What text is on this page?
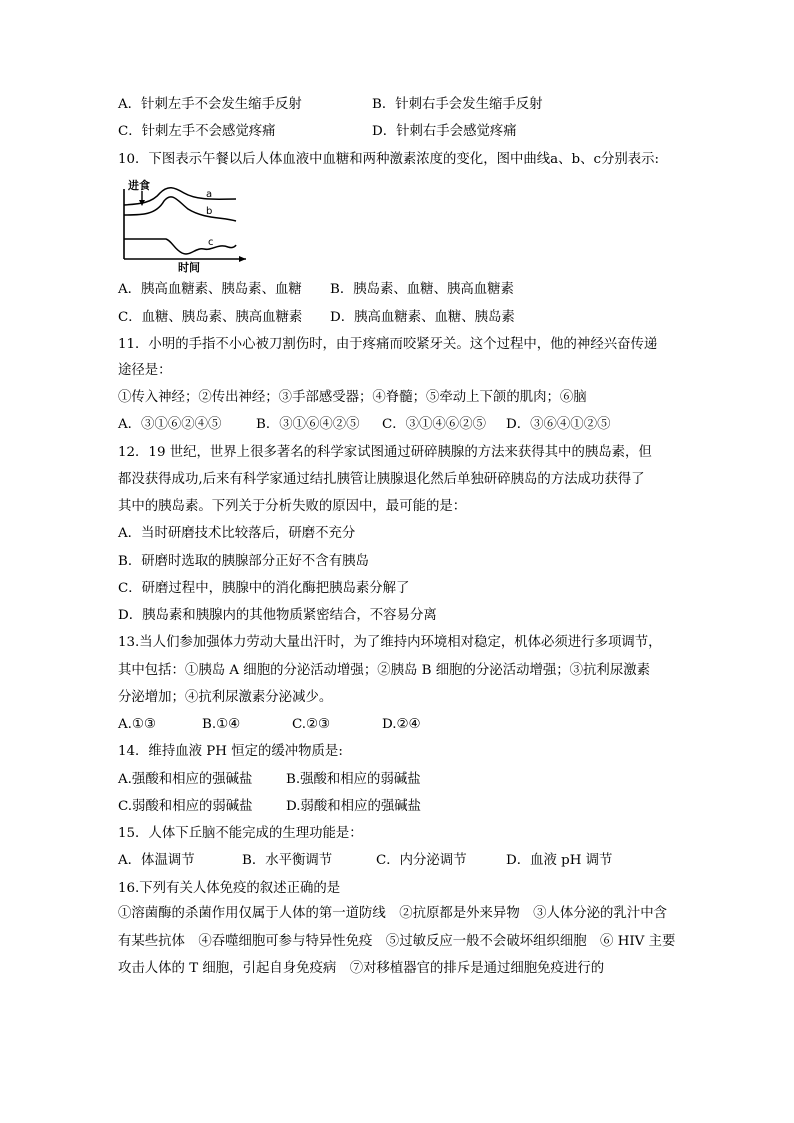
A．针刺左手不会发生缩手反射	B．针刺右手会发生缩手反射
C．针刺左手不会感觉疼痛	D．针刺右手会感觉疼痛
10．下图表示午餐以后人体血液中血糖和两种激素浓度的变化，图中曲线a、b、c分别表示:
进食
a
b
c
时间
A．胰高血糖素、胰岛素、血糖 B．胰岛素、血糖、胰高血糖素
C．血糖、胰岛素、胰高血糖素 D．胰高血糖素、血糖、胰岛素
11．小明的手指不小心被刀割伤时，由于疼痛而咬紧牙关。这个过程中，他的神经兴奋传递
途径是：
①传入神经；②传出神经；③手部感受器；④脊髓；⑤牵动上下颌的肌肉；⑥脑
A．③①⑥②④⑤	B．③①⑥④②⑤ C．③①④⑥②⑤ D．③⑥④①②⑤
12．19 世纪，世界上很多著名的科学家试图通过研碎胰腺的方法来获得其中的胰岛素，但
都没获得成功,后来有科学家通过结扎胰管让胰腺退化然后单独研碎胰岛的方法成功获得了
其中的胰岛素。下列关于分析失败的原因中，最可能的是：
A．当时研磨技术比较落后，研磨不充分
B．研磨时选取的胰腺部分正好不含有胰岛
C．研磨过程中，胰腺中的消化酶把胰岛素分解了
D．胰岛素和胰腺内的其他物质紧密结合，不容易分离
13.当人们参加强体力劳动大量出汗时，为了维持内环境相对稳定，机体必须进行多项调节，
其中包括：①胰岛 A 细胞的分泌活动增强；②胰岛 B 细胞的分泌活动增强；③抗利尿激素
分泌增加；④抗利尿激素分泌减少。
A.①③	B.①④	C.②③	D.②④
14．维持血液 PH 恒定的缓冲物质是:
A.强酸和相应的强碱盐	B.强酸和相应的弱碱盐
C.弱酸和相应的弱碱盐 D.弱酸和相应的强碱盐
15．人体下丘脑不能完成的生理功能是：
A．体温调节	B．水平衡调节	C．内分泌调节	D．血液 pH 调节
16.下列有关人体免疫的叙述正确的是
①溶菌酶的杀菌作用仅属于人体的第一道防线　②抗原都是外来异物　③人体分泌的乳汁中含有某些抗体　④吞噬细胞可参与特异性免疫　⑤过敏反应一般不会破坏组织细胞　⑥ HIV 主要攻击人体的 T 细胞，引起自身免疫病　⑦对移植器官的排斥是通过细胞免疫进行的
